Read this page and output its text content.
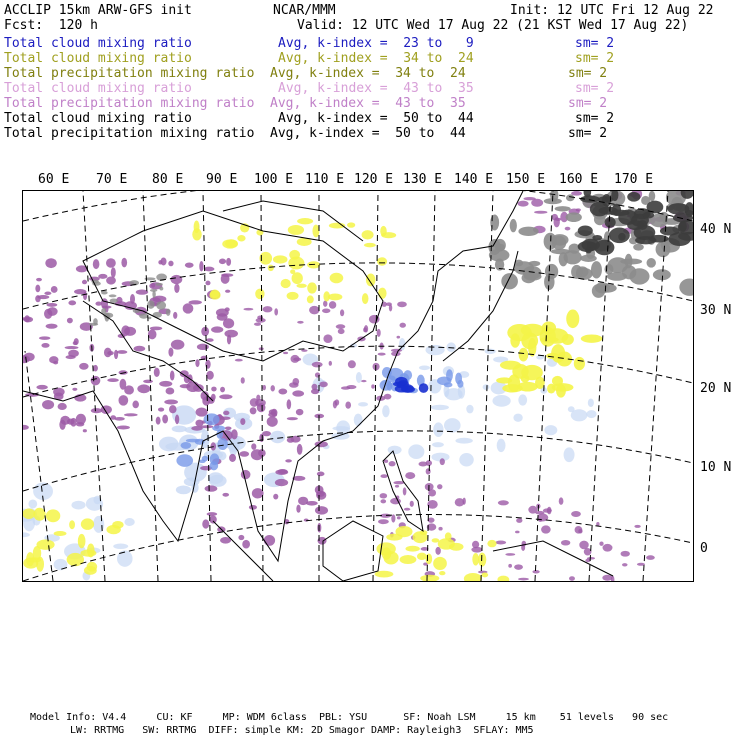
ACCLIP 15km ARW-GFS init	NCAR/MMM	Init: 12 UTC Fri 12 Aug 22
Fcst:  120 h	Valid: 12 UTC Wed 17 Aug 22 (21 KST Wed 17 Aug 22)
Total cloud mixing ratio	Avg, k-index =  23 to   9	sm= 2
Total cloud mixing ratio	Avg, k-index =  34 to  24	sm= 2
Total precipitation mixing ratio Avg, k-index =  34 to  24	sm= 2
Total cloud mixing ratio	Avg, k-index =  43 to  35	sm= 2
Total precipitation mixing ratio Avg, k-index =  43 to  35	sm= 2
Total cloud mixing ratio	Avg, k-index =  50 to  44	sm= 2
Total precipitation mixing ratio Avg, k-index =  50 to  44	sm= 2
60 E 70 E 80 E 90 E 100 E 110 E 120 E 130 E 140 E 150 E 160 E 170 E
40 N
30 N
20 N
10 N
0
Model Info: V4.4     CU: KF     MP: WDM 6class  PBL: YSU      SF: Noah LSM     15 km    51 levels   90 sec
LW: RRTMG   SW: RRTMG  DIFF: simple KM: 2D Smagor DAMP: Rayleigh3  SFLAY: MM5
